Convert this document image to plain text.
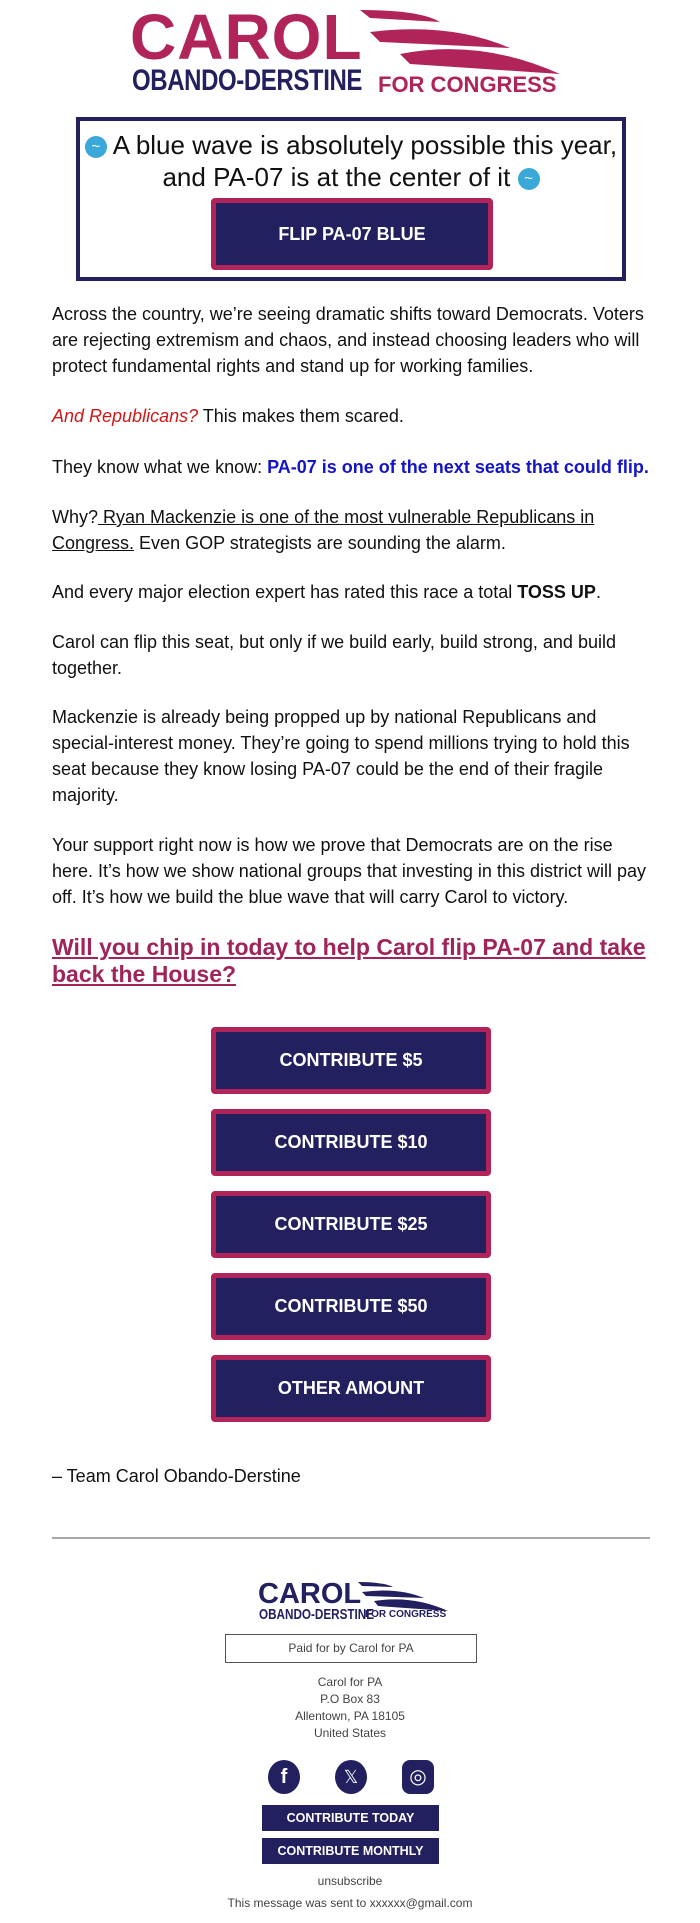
CAROL
OBANDO-DERSTINE FOR CONGRESS
~ A blue wave is absolutely possible this year, and PA-07 is at the center of it ~
FLIP PA-07 BLUE

Across the country, we’re seeing dramatic shifts toward Democrats. Voters are rejecting extremism and chaos, and instead choosing leaders who will protect fundamental rights and stand up for working families.

And Republicans? This makes them scared.

They know what we know: PA-07 is one of the next seats that could flip.

Why? Ryan Mackenzie is one of the most vulnerable Republicans in Congress. Even GOP strategists are sounding the alarm.

And every major election expert has rated this race a total TOSS UP.

Carol can flip this seat, but only if we build early, build strong, and build together.

Mackenzie is already being propped up by national Republicans and special-interest money. They’re going to spend millions trying to hold this seat because they know losing PA-07 could be the end of their fragile majority.

Your support right now is how we prove that Democrats are on the rise here. It’s how we show national groups that investing in this district will pay off. It’s how we build the blue wave that will carry Carol to victory.

Will you chip in today to help Carol flip PA-07 and take back the House?
CONTRIBUTE $5
CONTRIBUTE $10
CONTRIBUTE $25
CONTRIBUTE $50
OTHER AMOUNT

– Team Carol Obando-Derstine

CAROL
OBANDO-DERSTINE
FOR CONGRESS
Paid for by Carol for PA
Carol for PA
P.O Box 83
Allentown, PA 18105
United States
f	𝕏	◎
CONTRIBUTE TODAY
CONTRIBUTE MONTHLY
unsubscribe
This message was sent to xxxxxx@gmail.com
